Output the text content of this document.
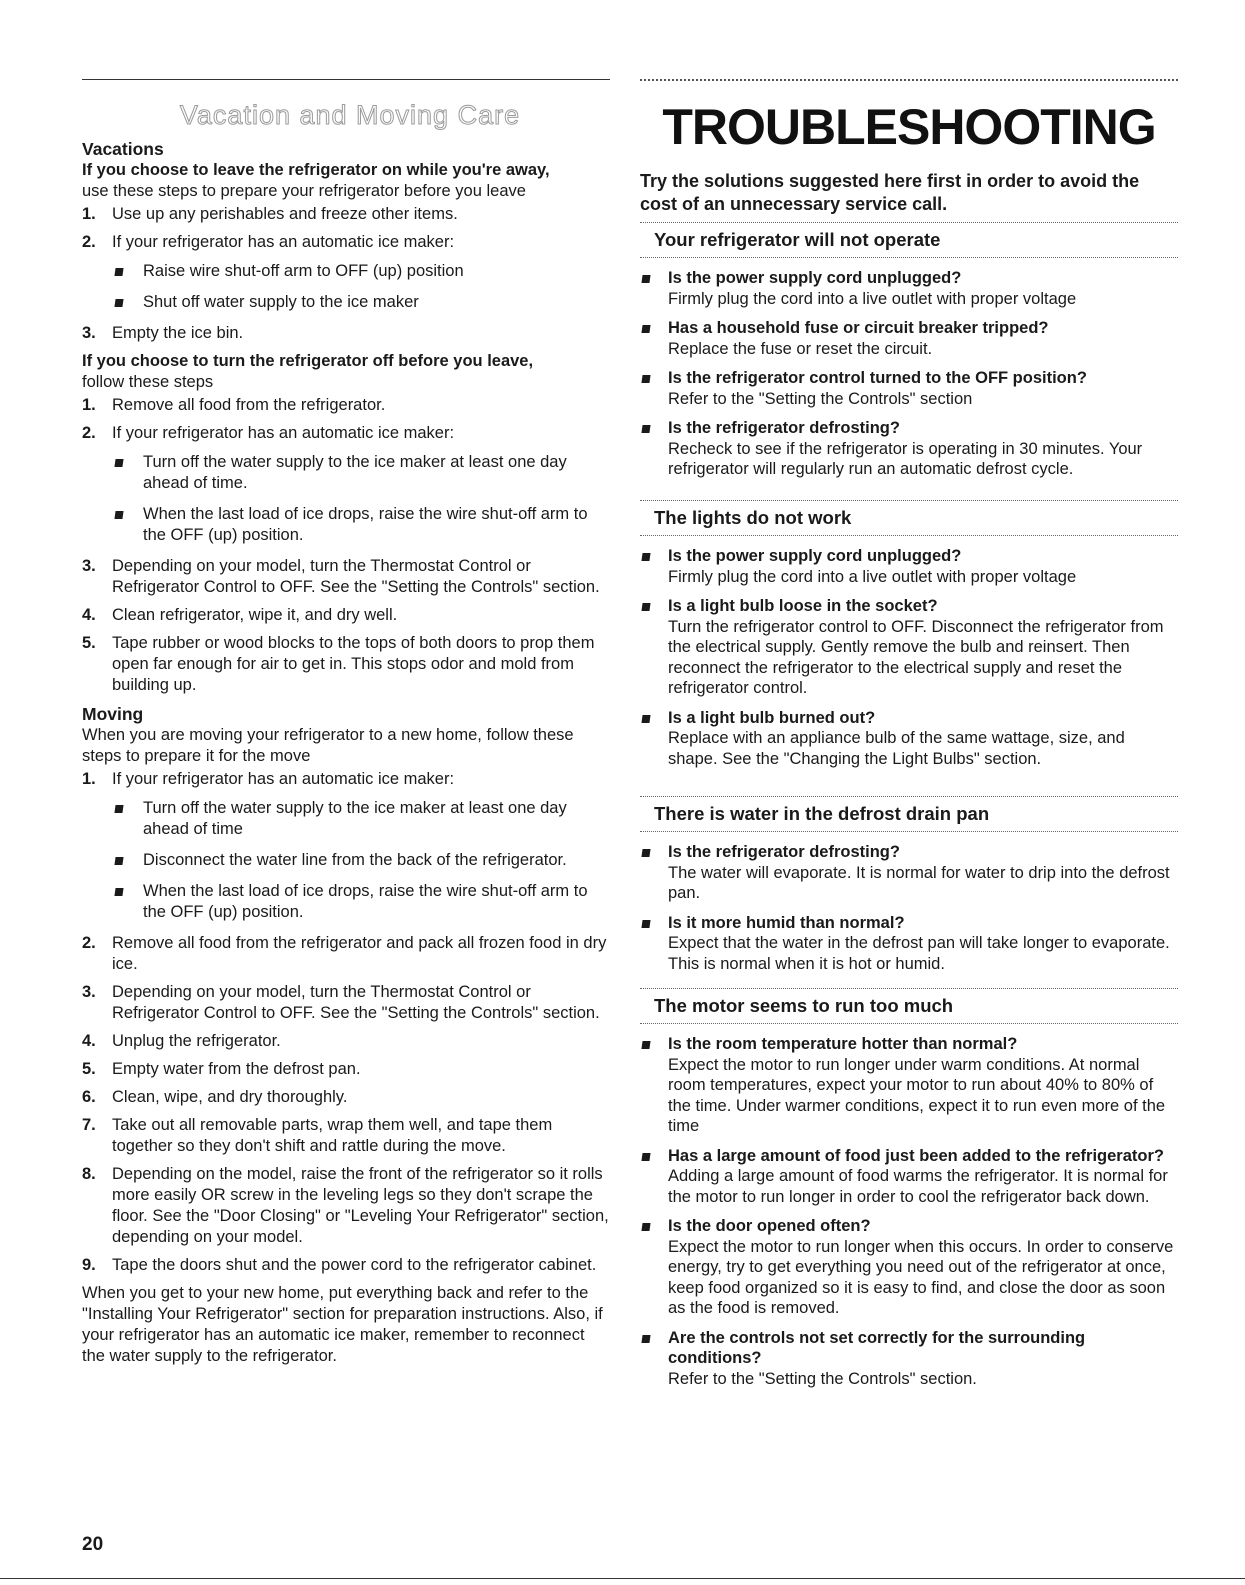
Vacation and Moving Care	TROUBLESHOOTING
Vacations

If you choose to leave the refrigerator on while you're away,
use these steps to prepare your refrigerator before you leave

1. Use up any perishables and freeze other items.
2. If your refrigerator has an automatic ice maker:
Raise wire shut-off arm to OFF (up) position
Shut off water supply to the ice maker
3. Empty the ice bin.

If you choose to turn the refrigerator off before you leave,
follow these steps

1. Remove all food from the refrigerator.
2. If your refrigerator has an automatic ice maker:
Turn off the water supply to the ice maker at least one day ahead of time.
When the last load of ice drops, raise the wire shut-off arm to the OFF (up) position.
3. Depending on your model, turn the Thermostat Control or Refrigerator Control to OFF. See the "Setting the Controls" section.
4. Clean refrigerator, wipe it, and dry well.
5. Tape rubber or wood blocks to the tops of both doors to prop them open far enough for air to get in. This stops odor and mold from building up.
Moving

When you are moving your refrigerator to a new home, follow these steps to prepare it for the move

1. If your refrigerator has an automatic ice maker:
Turn off the water supply to the ice maker at least one day ahead of time
Disconnect the water line from the back of the refrigerator.
When the last load of ice drops, raise the wire shut-off arm to the OFF (up) position.
2. Remove all food from the refrigerator and pack all frozen food in dry ice.
3. Depending on your model, turn the Thermostat Control or Refrigerator Control to OFF. See the "Setting the Controls" section.
4. Unplug the refrigerator.
5. Empty water from the defrost pan.
6. Clean, wipe, and dry thoroughly.
7. Take out all removable parts, wrap them well, and tape them together so they don't shift and rattle during the move.
8. Depending on the model, raise the front of the refrigerator so it rolls more easily OR screw in the leveling legs so they don't scrape the floor. See the "Door Closing" or "Leveling Your Refrigerator" section, depending on your model.
9. Tape the doors shut and the power cord to the refrigerator cabinet.

When you get to your new home, put everything back and refer to the "Installing Your Refrigerator" section for preparation instructions. Also, if your refrigerator has an automatic ice maker, remember to reconnect the water supply to the refrigerator.

Try the solutions suggested here first in order to avoid the cost of an unnecessary service call.

Your refrigerator will not operate
Is the power supply cord unplugged?
Firmly plug the cord into a live outlet with proper voltage
Has a household fuse or circuit breaker tripped?
Replace the fuse or reset the circuit.
Is the refrigerator control turned to the OFF position?
Refer to the "Setting the Controls" section
Is the refrigerator defrosting?
Recheck to see if the refrigerator is operating in 30 minutes. Your refrigerator will regularly run an automatic defrost cycle.
The lights do not work
Is the power supply cord unplugged?
Firmly plug the cord into a live outlet with proper voltage
Is a light bulb loose in the socket?
Turn the refrigerator control to OFF. Disconnect the refrigerator from the electrical supply. Gently remove the bulb and reinsert. Then reconnect the refrigerator to the electrical supply and reset the refrigerator control.
Is a light bulb burned out?
Replace with an appliance bulb of the same wattage, size, and shape. See the "Changing the Light Bulbs" section.
There is water in the defrost drain pan
Is the refrigerator defrosting?
The water will evaporate. It is normal for water to drip into the defrost pan.
Is it more humid than normal?
Expect that the water in the defrost pan will take longer to evaporate. This is normal when it is hot or humid.
The motor seems to run too much
Is the room temperature hotter than normal?
Expect the motor to run longer under warm conditions. At normal room temperatures, expect your motor to run about 40% to 80% of the time. Under warmer conditions, expect it to run even more of the time
Has a large amount of food just been added to the refrigerator?
Adding a large amount of food warms the refrigerator. It is normal for the motor to run longer in order to cool the refrigerator back down.
Is the door opened often?
Expect the motor to run longer when this occurs. In order to conserve energy, try to get everything you need out of the refrigerator at once, keep food organized so it is easy to find, and close the door as soon as the food is removed.
Are the controls not set correctly for the surrounding conditions?
Refer to the "Setting the Controls" section.
20
